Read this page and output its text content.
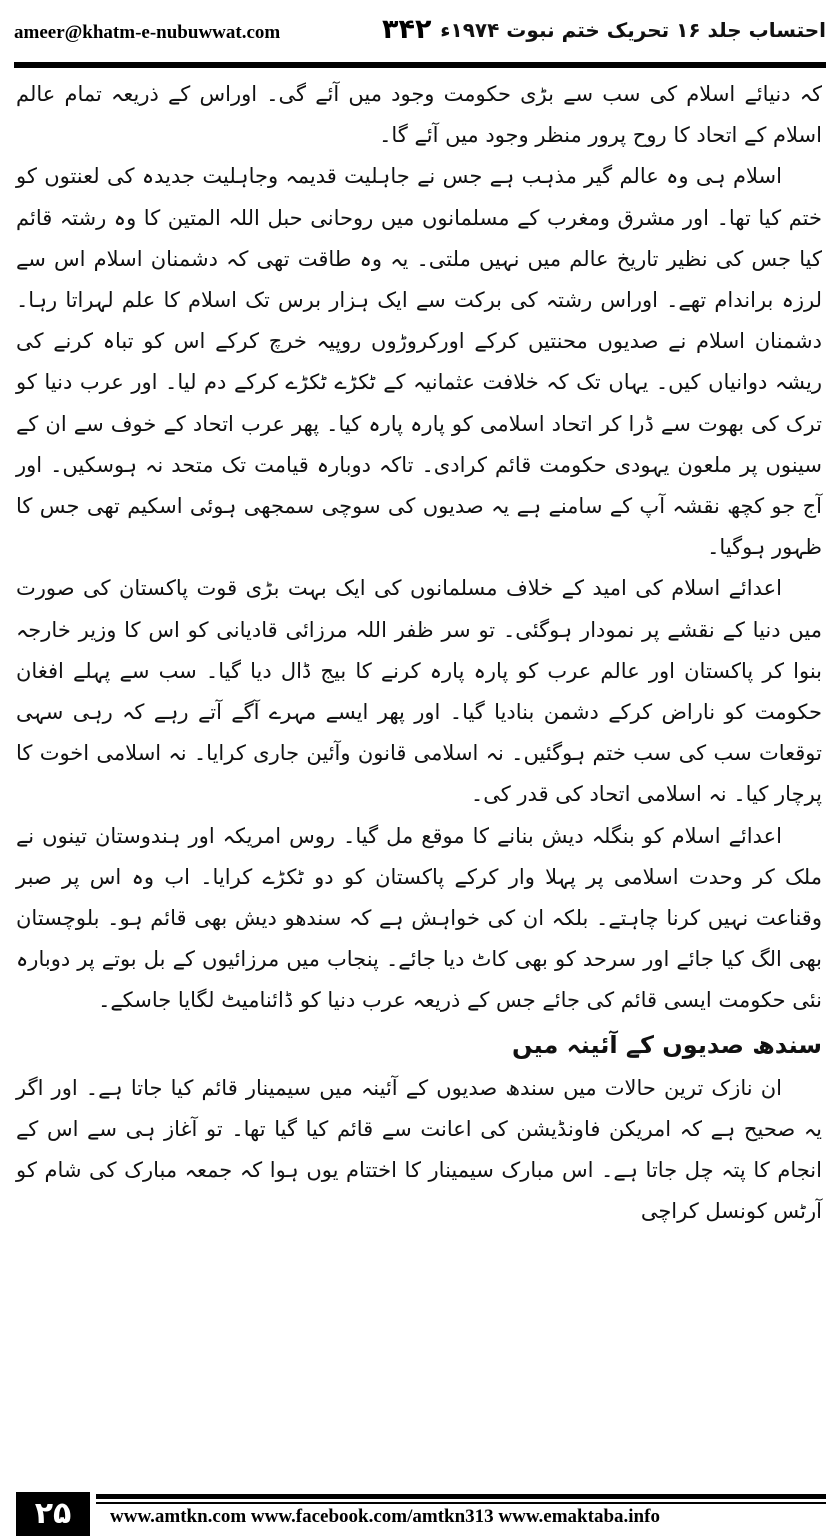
ameer@khatm-e-nubuwwat.com	۳۴۲ احتساب جلد ۱۶ تحریک ختم نبوت ۱۹۷۴ء

کہ دنیائے اسلام کی سب سے بڑی حکومت وجود میں آئے گی۔ اوراس کے ذریعہ تمام عالم اسلام کے اتحاد کا روح پرور منظر وجود میں آئے گا۔

اسلام ہی وہ عالم گیر مذہب ہے جس نے جاہلیت قدیمہ وجاہلیت جدیدہ کی لعنتوں کو ختم کیا تھا۔ اور مشرق ومغرب کے مسلمانوں میں روحانی حبل اللہ المتین کا وہ رشتہ قائم کیا جس کی نظیر تاریخ عالم میں نہیں ملتی۔ یہ وہ طاقت تھی کہ دشمنان اسلام اس سے لرزہ براندام تھے۔ اوراس رشتہ کی برکت سے ایک ہزار برس تک اسلام کا علم لہراتا رہا۔ دشمنان اسلام نے صدیوں محنتیں کرکے اورکروڑوں روپیہ خرچ کرکے اس کو تباہ کرنے کی ریشہ دوانیاں کیں۔ یہاں تک کہ خلافت عثمانیہ کے ٹکڑے ٹکڑے کرکے دم لیا۔ اور عرب دنیا کو ترک کی بھوت سے ڈرا کر اتحاد اسلامی کو پارہ پارہ کیا۔ پھر عرب اتحاد کے خوف سے ان کے سینوں پر ملعون یہودی حکومت قائم کرادی۔ تاکہ دوبارہ قیامت تک متحد نہ ہوسکیں۔ اور آج جو کچھ نقشہ آپ کے سامنے ہے یہ صدیوں کی سوچی سمجھی ہوئی اسکیم تھی جس کا ظہور ہوگیا۔

اعدائے اسلام کی امید کے خلاف مسلمانوں کی ایک بہت بڑی قوت پاکستان کی صورت میں دنیا کے نقشے پر نمودار ہوگئی۔ تو سر ظفر اللہ مرزائی قادیانی کو اس کا وزیر خارجہ بنوا کر پاکستان اور عالم عرب کو پارہ پارہ کرنے کا بیج ڈال دیا گیا۔ سب سے پہلے افغان حکومت کو ناراض کرکے دشمن بنادیا گیا۔ اور پھر ایسے مہرے آگے آتے رہے کہ رہی سہی توقعات سب کی سب ختم ہوگئیں۔ نہ اسلامی قانون وآئین جاری کرایا۔ نہ اسلامی اخوت کا پرچار کیا۔ نہ اسلامی اتحاد کی قدر کی۔

اعدائے اسلام کو بنگلہ دیش بنانے کا موقع مل گیا۔ روس امریکہ اور ہندوستان تینوں نے ملک کر وحدت اسلامی پر پہلا وار کرکے پاکستان کو دو ٹکڑے کرایا۔ اب وہ اس پر صبر وقناعت نہیں کرنا چاہتے۔ بلکہ ان کی خواہش ہے کہ سندھو دیش بھی قائم ہو۔ بلوچستان بھی الگ کیا جائے اور سرحد کو بھی کاٹ دیا جائے۔ پنجاب میں مرزائیوں کے بل بوتے پر دوبارہ نئی حکومت ایسی قائم کی جائے جس کے ذریعہ عرب دنیا کو ڈائنامیٹ لگایا جاسکے۔

سندھ صدیوں کے آئینہ میں

ان نازک ترین حالات میں سندھ صدیوں کے آئینہ میں سیمینار قائم کیا جاتا ہے۔ اور اگر یہ صحیح ہے کہ امریکن فاونڈیشن کی اعانت سے قائم کیا گیا تھا۔ تو آغاز ہی سے اس کے انجام کا پتہ چل جاتا ہے۔ اس مبارک سیمینار کا اختتام یوں ہوا کہ جمعہ مبارک کی شام کو آرٹس کونسل کراچی

۲۵	www.amtkn.com www.facebook.com/amtkn313 www.emaktaba.info
